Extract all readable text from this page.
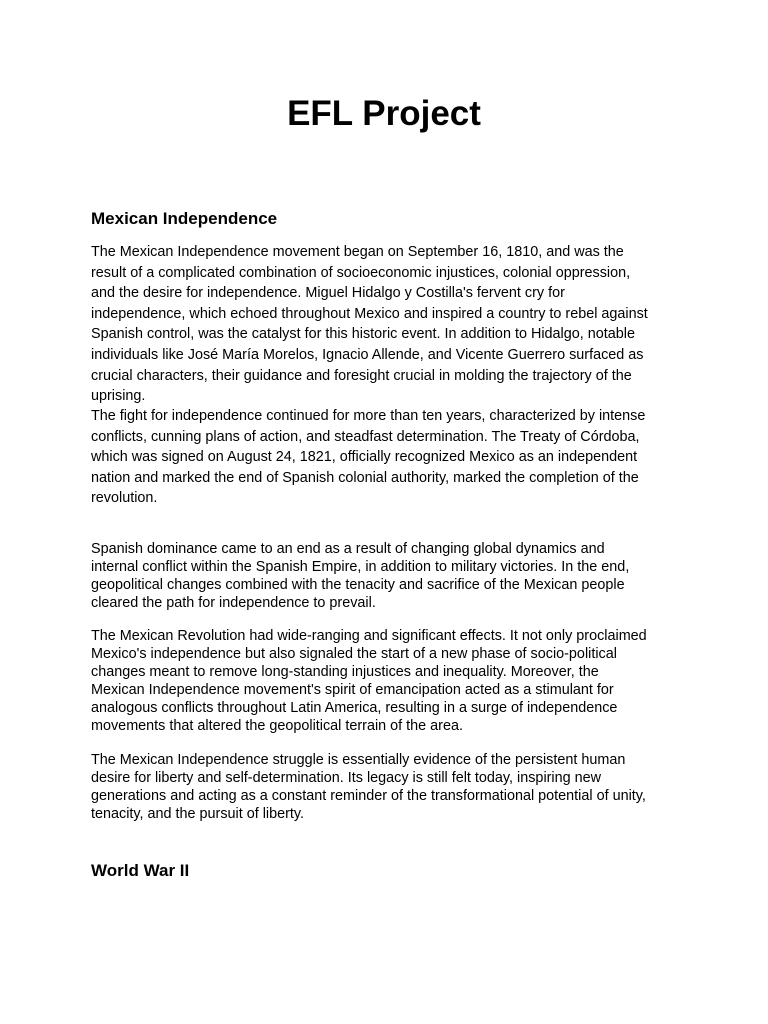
EFL Project
Mexican Independence

The Mexican Independence movement began on September 16, 1810, and was the
result of a complicated combination of socioeconomic injustices, colonial oppression,
and the desire for independence. Miguel Hidalgo y Costilla's fervent cry for
independence, which echoed throughout Mexico and inspired a country to rebel against
Spanish control, was the catalyst for this historic event. In addition to Hidalgo, notable
individuals like José María Morelos, Ignacio Allende, and Vicente Guerrero surfaced as
crucial characters, their guidance and foresight crucial in molding the trajectory of the
uprising.

The fight for independence continued for more than ten years, characterized by intense
conflicts, cunning plans of action, and steadfast determination. The Treaty of Córdoba,
which was signed on August 24, 1821, officially recognized Mexico as an independent
nation and marked the end of Spanish colonial authority, marked the completion of the
revolution.

Spanish dominance came to an end as a result of changing global dynamics and
internal conflict within the Spanish Empire, in addition to military victories. In the end,
geopolitical changes combined with the tenacity and sacrifice of the Mexican people
cleared the path for independence to prevail.

The Mexican Revolution had wide-ranging and significant effects. It not only proclaimed
Mexico's independence but also signaled the start of a new phase of socio-political
changes meant to remove long-standing injustices and inequality. Moreover, the
Mexican Independence movement's spirit of emancipation acted as a stimulant for
analogous conflicts throughout Latin America, resulting in a surge of independence
movements that altered the geopolitical terrain of the area.

The Mexican Independence struggle is essentially evidence of the persistent human
desire for liberty and self-determination. Its legacy is still felt today, inspiring new
generations and acting as a constant reminder of the transformational potential of unity,
tenacity, and the pursuit of liberty.

World War II
